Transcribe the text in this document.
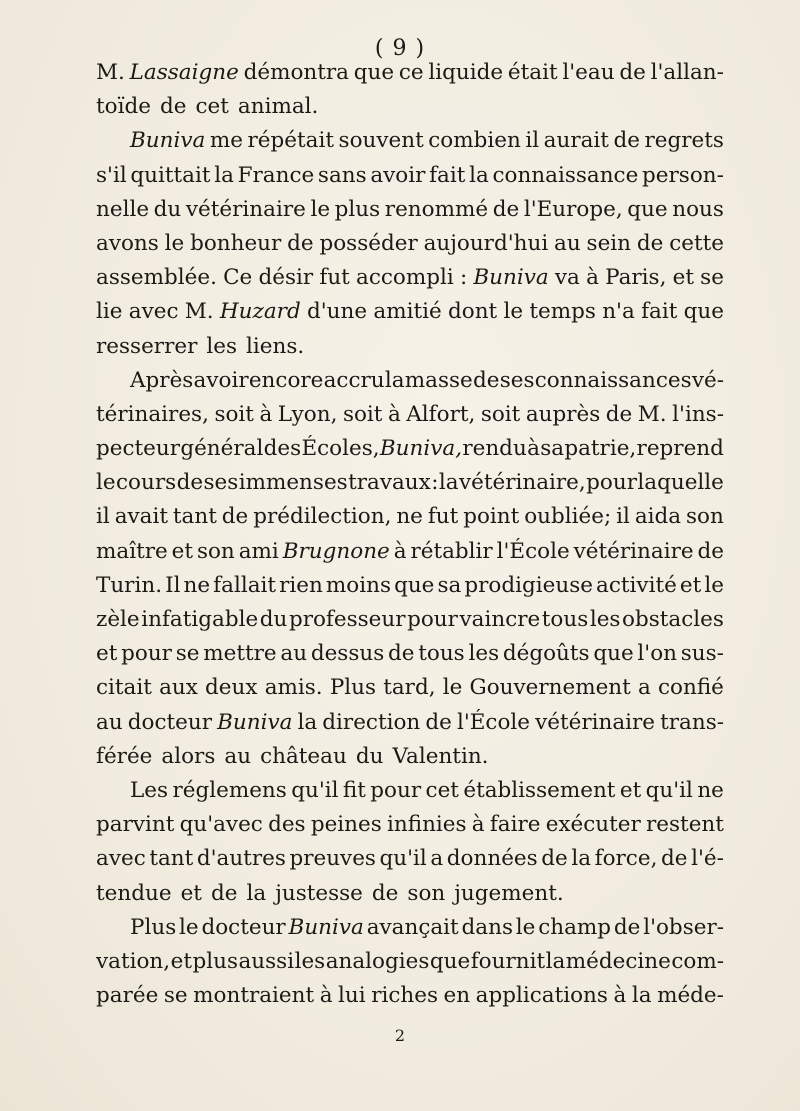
( 9 )
M. Lassaigne démontra que ce liquide était l'eau de l'allan-
toïde de cet animal.
Buniva me répétait souvent combien il aurait de regrets
s'il quittait la France sans avoir fait la connaissance person-
nelle du vétérinaire le plus renommé de l'Europe, que nous
avons le bonheur de posséder aujourd'hui au sein de cette
assemblée. Ce désir fut accompli : Buniva va à Paris, et se
lie avec M. Huzard d'une amitié dont le temps n'a fait que
resserrer les liens.
Après avoir encore accru la masse de ses connaissances vé-
térinaires, soit à Lyon, soit à Alfort, soit auprès de M. l'ins-
pecteur général des Écoles, Buniva, rendu à sa patrie, reprend
le cours de ses immenses travaux : la vétérinaire, pour laquelle
il avait tant de prédilection, ne fut point oubliée; il aida son
maître et son ami Brugnone à rétablir l'École vétérinaire de
Turin. Il ne fallait rien moins que sa prodigieuse activité et le
zèle infatigable du professeur pour vaincre tous les obstacles
et pour se mettre au dessus de tous les dégoûts que l'on sus-
citait aux deux amis. Plus tard, le Gouvernement a confié
au docteur Buniva la direction de l'École vétérinaire trans-
férée alors au château du Valentin.
Les réglemens qu'il fit pour cet établissement et qu'il ne
parvint qu'avec des peines infinies à faire exécuter restent
avec tant d'autres preuves qu'il a données de la force, de l'é-
tendue et de la justesse de son jugement.
Plus le docteur Buniva avançait dans le champ de l'obser-
vation, et plus aussi les analogies que fournit la médecine com-
parée se montraient à lui riches en applications à la méde-
2
